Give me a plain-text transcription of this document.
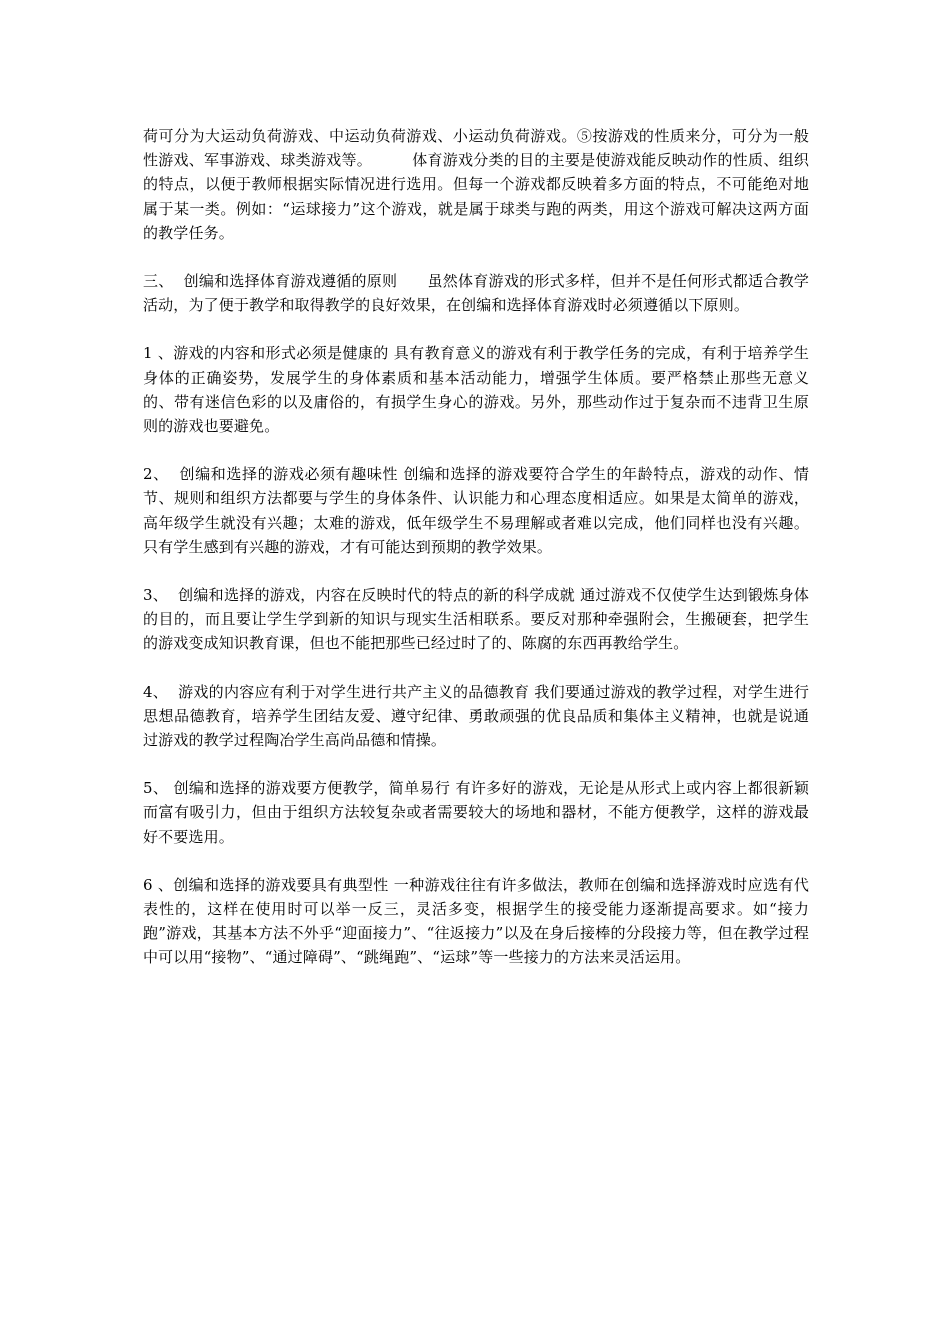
荷可分为大运动负荷游戏、中运动负荷游戏、小运动负荷游戏。⑤按游戏的性质来分，可分为一般性游戏、军事游戏、球类游戏等。        体育游戏分类的目的主要是使游戏能反映动作的性质、组织的特点，以便于教师根据实际情况进行选用。但每一个游戏都反映着多方面的特点，不可能绝对地属于某一类。例如：“运球接力”这个游戏，就是属于球类与跑的两类，用这个游戏可解决这两方面的教学任务。

三、  创编和选择体育游戏遵循的原则      虽然体育游戏的形式多样，但并不是任何形式都适合教学活动，为了便于教学和取得教学的良好效果，在创编和选择体育游戏时必须遵循以下原则。

1 、游戏的内容和形式必须是健康的 具有教育意义的游戏有利于教学任务的完成，有利于培养学生身体的正确姿势，发展学生的身体素质和基本活动能力，增强学生体质。要严格禁止那些无意义的、带有迷信色彩的以及庸俗的，有损学生身心的游戏。另外，那些动作过于复杂而不违背卫生原则的游戏也要避免。

2、  创编和选择的游戏必须有趣味性 创编和选择的游戏要符合学生的年龄特点，游戏的动作、情节、规则和组织方法都要与学生的身体条件、认识能力和心理态度相适应。如果是太简单的游戏，高年级学生就没有兴趣；太难的游戏，低年级学生不易理解或者难以完成，他们同样也没有兴趣。只有学生感到有兴趣的游戏，才有可能达到预期的教学效果。

3、  创编和选择的游戏，内容在反映时代的特点的新的科学成就 通过游戏不仅使学生达到锻炼身体的目的，而且要让学生学到新的知识与现实生活相联系。要反对那种牵强附会，生搬硬套，把学生的游戏变成知识教育课，但也不能把那些已经过时了的、陈腐的东西再教给学生。

4、  游戏的内容应有利于对学生进行共产主义的品德教育 我们要通过游戏的教学过程，对学生进行思想品德教育，培养学生团结友爱、遵守纪律、勇敢顽强的优良品质和集体主义精神，也就是说通过游戏的教学过程陶冶学生高尚品德和情操。

5、 创编和选择的游戏要方便教学，简单易行 有许多好的游戏，无论是从形式上或内容上都很新颖而富有吸引力，但由于组织方法较复杂或者需要较大的场地和器材，不能方便教学，这样的游戏最好不要选用。

6 、创编和选择的游戏要具有典型性 一种游戏往往有许多做法，教师在创编和选择游戏时应选有代表性的，这样在使用时可以举一反三，灵活多变，根据学生的接受能力逐渐提高要求。如“接力跑”游戏，其基本方法不外乎“迎面接力”、“往返接力”以及在身后接棒的分段接力等，但在教学过程中可以用“接物”、“通过障碍”、“跳绳跑”、“运球”等一些接力的方法来灵活运用。
